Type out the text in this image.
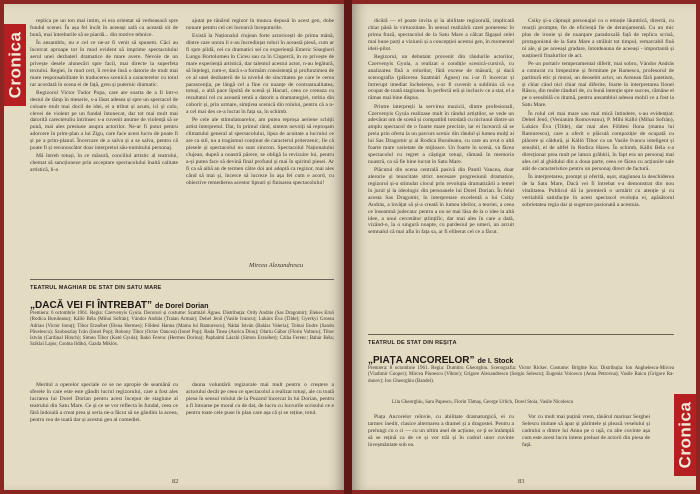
Cronica

replica pe un ton mai intim, ei era orientat să verbeasacă spre fundul scenei. În așa fel încât în aceeași sală ca această sit de bună, mai întreburile să se piardă... din motive tehnice.

În ansamblu, nu e cel ce ne-ar fi venit să spunem. Căci au încercat aproape tot în mod evident să imprime spectacolului aerul unei dezbateri dramatice de mare avere. Nevoie de un privește desele alunecări spre facil, mai directe la superfeta textului. Regiei, în mod cert, îi revine însă o datorie de mult mai mare responsabilitate în traducerea scenică a caracterelor cu totul rar acordată în scena ei de față, greu și puternic dramatic.

Regizorul Victor Tudor Popa, care are soarta de a fi într-o destul de tâmp în meserie, s-a lăsat adesea și spre un spectacol de culoare mult mai docil de idei, ei a tribut și acum, ici și colo, clevei de violent pe un fundal întunecat, dar tot mai mult mai datorită carecteruliu intrinsec s-a cuvenit anume de violență să se pună, mai ales presiune asupra actorilor. Ne-ar fi putut pentru adorcere în prim-plan a lui Zigu, care face acest lucru de poate fi și pe a prim-planul. Încercare de a salva și a se salva, pentru că poate fi și recunoscător doar interpretul său-numitului personaj.

Mă întreb totuși, în ce măsură, conciliul artistic al teatrului, chemat să sancționeze prin acceptare spectacolului înaltă calitate artistică, li-a

ajutat pe tânărul regizor în munca depusă în acest gen, dobe nouare pentru cel cei încearcă începuturile.

Există la Naționalul clujean forte actoricești de prima mână, dintre care unora li s-au încredințat roluri în această piesă, cum ar fi spre pildă, cei cu dramatici sei cu experiență Emeric Sisegheri Lungu Bortolomeu în Ciceu sau ca în Ciupercă, în ce privește de mare experiență artistică, dar talentul acestui actor, n-au legătură, să înțelegi, cum-e, dacă s-a formăm consistență și profunzimea de ce al unei dezbaterii de la nivelul de sincritatea pe care le cerea parascenția, pe lângă cel a fine cu nuanțe de contrastualitatea, totuși, o altă pace lipsită de scenă și Hacuri, ceea ce creeaza cu rezultatul rol cu această tentă a datorit a dramaturgiei, rotitia din coborir și, prin urmare, simțirea scenică din rolului, pentru că a n-a cel mai des ce-a lucrat în fața sa, în schimb.

Pe cele ale stimulatoarelor, am putea reproșa aeriene schiții artist înterpretul. Dar, în primul rând, sintem nevoiți să reproșam climatului general al spectacolului, lipsa de acuitate a lucrului ce are ca stil, nu a tragismul conținut de caracterul priterzenic, fie că piesele și spectacolul nu sunt sincron. Spectacolul Naționalului clujean, dupeă a noastră părere, se obligă la revizuire lui, pentru a-și putea face să devină final profund și mai în spiritul piesei. Ar fi ca să aibă an de termen către doi ani adoptă ca regizor, mai ales când să mai și, încerce să lucreze în așa fel cum e acord, cu obiective remedierea acestor lipsuri și finisarea spectacolului!

Mircea Alexandrescu
TEATRUL MAGHIAR DE STAT DIN SATU MARE
„DACĂ VEI FI ÎNTREBAT” de Dorel Dorian
Premiera: 6 octombrie 1961. Regia: Czervenyis Gyula. Decoruri și costume: Szatmári Ágnes. Distribuția: Ordy András (Sas Dragomir); Elekes Ernő (Rodica Buruleanu); Kálló Béla (Mihai Sofrán); Vándor András (Traian Arman); Dehel Jenő (Vasile Ivancu); Lukács Éva (Tilde); Gyerkyi Grossu Adrian (Victor Ionuț); Tibor Erzsébet (Elena Hermes); Földesi Hanna (Mama lui Ramurescu); Nádai István (Balázs Valeria); Tolnai Endre (Sandu Păvelescu); Szoboszlay Iván (Ionel Pop); Rohony Tibor (Octav Oancea) (Ionel Pop); Rada Tinea (Aurica Dinu); Olariu Gábor (Florin Volturu); Tibor István (Cardinal Hirsch); Simon Tibor (Kató Gyula); Bakó Ferenc (Hermes Dorina); Paphalmi László (Simon Erzsébet); Cziba Ferenc; Bahár Béla; Sziklai Lajos; Csoma Ildikó, Gazda Miklós.

Meritul a operelor speciale ce se ne apropie de seamănă cu sferele în care este este gândit lucrul regizorului, care a fost ales lucrarea lui Dorel Dorian pentru acest început de stagiune al teatrului din Satu Mare. Ce și ce se vor reflecta în fundal, ceea ce fără îndoială a creat prea și seria ne-a făcut să ne gândim la aceea, pentru cea de toată dar și acestui gen al comediei.

dauna voluntării regizorale mai mult pentru o creștere a actorului decât pe ceea ce spectacolul a realizat totuși, ale cu toată piesa în sensul rolului de la Pozarul încercat în lui Dorian, pentru a fi întoarse pe moral cu de dat, de lucru cu lucrurile scrisului ce e pentru toate cele puse în plan care așa că și se reține, totul.

82

dicără — el poate invita și la abilitate regizorală, implicată chiar până la virtuozitate. În sensul realizării carei pomenesc în prima frază, spectacolul de la Satu Mare a călcat făgașul celei mai bune parți a viziunii și a concepției acestui gen, în momentul ideii-pilot.

Regizorul, un debutant provenit din rândurile actorilor, Czervenyis Gyula, a realizat o condiție scenică-cursivă, cu analizarea fină a rolurilor, fără excese de măsură, și dacă scenografia (plăcerea Szatmári Ágnes) nu i-ar fi încercat și întrerupt imediat încheierea, s-ar fi cuvenit a sublinia că s-a ocupat de toată stagiunea. În perfectă eră și inclusiv ce a stat, el a rămas mai bine dispus.

Printre interpreții la servirea muzicii, dintre profesionali, Czervenyis Gyula realizase mult în rândul artiștilor, se vede un adevărat om de scenă și compatibil totodată cu niciunul dintre un amplu spectacol de o foarte mare precizie, iar ei încearcă să se preia prin oferta la un parcurs scenic din rândul și lumea mulți ai lui Sas Dragomir și al Rodica Buruleanu, cu care au avut o altă foarte mare varietate de mijloace. Un foarte în scenă, va făcea spectacolul cu regret a câștigat totuși, rămasă în memoria noastră, ca să fie bine lucrat în Satu Mare.

Plăcutul din scena centrală pasivă din Pantil Vancea, doar alerorie și tenacitate strict necesare progresiunii dramatice, regizorul și-a stimulat ciocul prin revoluția dramatizării a temei în jurul și la ideologic din persoanele lui Dorel Dorian. În felul acesta Sas Dragomir, în interpretare excelentă a lui Csiky András, a învățat să și-a creată în lumea ideilor, a teoriei, a ceea ce înseamnă judecata: pentru a nu se mai lăsa de la o idee la altă idee, a unui cercetător științific, dar mai ales în care a dată, vizând-o, la o singură noapte, cu pardesiul pe umeri, un arcuit semnalul că mai afla în fața sa, ar fi eliberat cel ce a făcut.

Csiky și-a căptușit personajul cu o emoție lăuntrică, directă, cu reacții prompte, fie de eficiență fie de deranjamentă. Cu un mic plus de ironie și de nuanțare paradoxală față de replica scrisă, protagonistul de la Satu Mare a străluit tot timpul, remarcabil fină ni ale, și pe aceeași gradare, întotdeauna de aceeași - importantă și susținerii finalurilor de act.

Pe un portativ temperamental diferit, mai sobru, Vándor András a conturat cu limpezime și fermitate pe Ramescu, profesorul de partitură etic și moral, un deosebit actor, un Armean fără patetism, și chiar când nici chiar mai diferite, foarte în interpretarea Ilonei Răscu, din multe rânduri de, cu bună intenție spre succes, rămâne el pe o sensibilă cu dramă, pentru ansamblul adesea mobil ce a fost la Satu Mare.

În rolul cel mai mare sau mai mică întindere, s-au evidențiat: Dehel Jenő, (Venianim Romoveanu), P. Mihi Kálló (Mihai Sofrán), Lukács Éva (Tilde), dar mai ales Földesi Ilona (mama lui Ramurescu), care a oferit o plăcută compoziție de ocupată cu plăcere și căldură, și Kálló Tibor ca un Vasile Ivancu inteligent și sensibil, el de altfel în Rodica Hares. În schimb, Kálló Béla s-a direcționat prea mult pe latura grăbirii, în fapt era un personaj mai ales cel al ghidului din a doua parte, ceea ce făcea cu acțiunile sale atât de caracteristice pentru un personaj direct de factură.

În interpretarea, prompt și oferită, ușor, stagiunea la deschiderea de la Satu Mare, Dacă vei fi întrebat s-a demonstrat din nou vitalitatea. Publicul dă la premieră o urmărit cu atenție și cu vertiabilă satisfacție în acest spectacol evoluția ei, apăsătorul sobrietatea regia dar și sugerare pasionată a acestuia.

TEATRUL DE STAT DIN REȘIȚA
„PIAȚA ANCORELOR” de I. Stock
Premiera: 8 octombrie 1961. Regia: Dumitru Gheorghiu. Scenografia: Victor Ricker. Costume: Brigitte Kur. Distribuția: Ion Anghelescu-Mircea (Vladimir Cooper); Mircea Piunescu (Viktor); Grigore Alexandrescu (Sergiu Selescu); Eugenia Voicescu (Anna Petrovna); Vasile Raicu (Grigore Radunov); Ion Gheorghiu (Bandel).
Lila Gheorghiu, Sara Papescu, Florin Tămaș, George Urlich, Dorel Stoia, Vasile Nicolescu

Piața Ancorelor reînvie, cu abilitate dramaturgică, ei cu tarmec inedit, clasice alternarea a dramei și a dragostei. Pentru a prelungi cu o ci — cu un ultim anel de acțiune, ce ți se întâmplă să se rețină ca de ce și vor trăi și în cadrul unor cuvinte înveșmântate sub ea.

Vor cu mult mai puțină vrem, tânărul marinar Serghei Selescu imitate să apar și părintele și pleacă veselului și cadrului o dintre lui Anna pe o ușă, cu alte cuvinte așa cum este acest lucru intens preluat de actorii din piesa de față.

83
Cronica
